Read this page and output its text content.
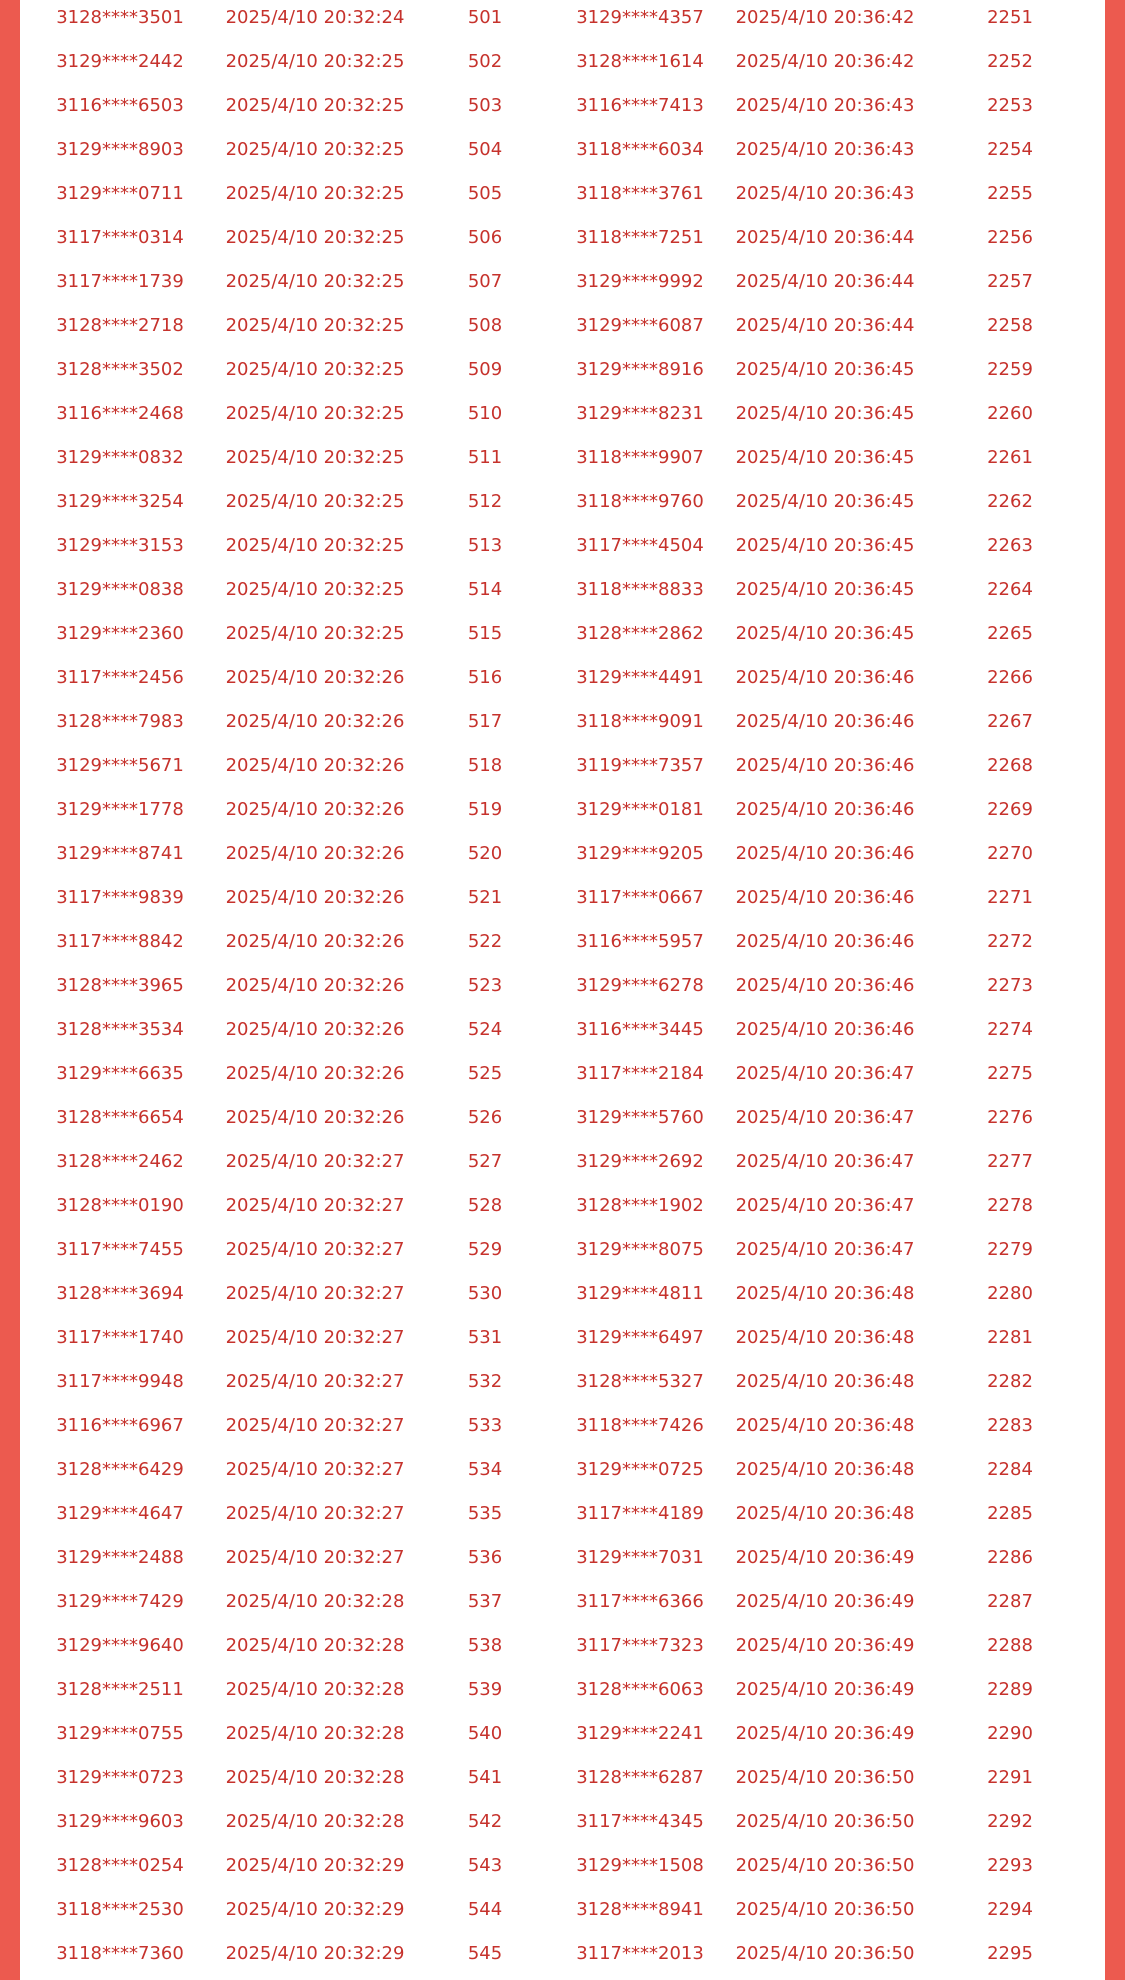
3128****3501	2025/4/10 20:32:24	501	3129****4357	2025/4/10 20:36:42	2251
3129****2442	2025/4/10 20:32:25	502	3128****1614	2025/4/10 20:36:42	2252
3116****6503	2025/4/10 20:32:25	503	3116****7413	2025/4/10 20:36:43	2253
3129****8903	2025/4/10 20:32:25	504	3118****6034	2025/4/10 20:36:43	2254
3129****0711	2025/4/10 20:32:25	505	3118****3761	2025/4/10 20:36:43	2255
3117****0314	2025/4/10 20:32:25	506	3118****7251	2025/4/10 20:36:44	2256
3117****1739	2025/4/10 20:32:25	507	3129****9992	2025/4/10 20:36:44	2257
3128****2718	2025/4/10 20:32:25	508	3129****6087	2025/4/10 20:36:44	2258
3128****3502	2025/4/10 20:32:25	509	3129****8916	2025/4/10 20:36:45	2259
3116****2468	2025/4/10 20:32:25	510	3129****8231	2025/4/10 20:36:45	2260
3129****0832	2025/4/10 20:32:25	511	3118****9907	2025/4/10 20:36:45	2261
3129****3254	2025/4/10 20:32:25	512	3118****9760	2025/4/10 20:36:45	2262
3129****3153	2025/4/10 20:32:25	513	3117****4504	2025/4/10 20:36:45	2263
3129****0838	2025/4/10 20:32:25	514	3118****8833	2025/4/10 20:36:45	2264
3129****2360	2025/4/10 20:32:25	515	3128****2862	2025/4/10 20:36:45	2265
3117****2456	2025/4/10 20:32:26	516	3129****4491	2025/4/10 20:36:46	2266
3128****7983	2025/4/10 20:32:26	517	3118****9091	2025/4/10 20:36:46	2267
3129****5671	2025/4/10 20:32:26	518	3119****7357	2025/4/10 20:36:46	2268
3129****1778	2025/4/10 20:32:26	519	3129****0181	2025/4/10 20:36:46	2269
3129****8741	2025/4/10 20:32:26	520	3129****9205	2025/4/10 20:36:46	2270
3117****9839	2025/4/10 20:32:26	521	3117****0667	2025/4/10 20:36:46	2271
3117****8842	2025/4/10 20:32:26	522	3116****5957	2025/4/10 20:36:46	2272
3128****3965	2025/4/10 20:32:26	523	3129****6278	2025/4/10 20:36:46	2273
3128****3534	2025/4/10 20:32:26	524	3116****3445	2025/4/10 20:36:46	2274
3129****6635	2025/4/10 20:32:26	525	3117****2184	2025/4/10 20:36:47	2275
3128****6654	2025/4/10 20:32:26	526	3129****5760	2025/4/10 20:36:47	2276
3128****2462	2025/4/10 20:32:27	527	3129****2692	2025/4/10 20:36:47	2277
3128****0190	2025/4/10 20:32:27	528	3128****1902	2025/4/10 20:36:47	2278
3117****7455	2025/4/10 20:32:27	529	3129****8075	2025/4/10 20:36:47	2279
3128****3694	2025/4/10 20:32:27	530	3129****4811	2025/4/10 20:36:48	2280
3117****1740	2025/4/10 20:32:27	531	3129****6497	2025/4/10 20:36:48	2281
3117****9948	2025/4/10 20:32:27	532	3128****5327	2025/4/10 20:36:48	2282
3116****6967	2025/4/10 20:32:27	533	3118****7426	2025/4/10 20:36:48	2283
3128****6429	2025/4/10 20:32:27	534	3129****0725	2025/4/10 20:36:48	2284
3129****4647	2025/4/10 20:32:27	535	3117****4189	2025/4/10 20:36:48	2285
3129****2488	2025/4/10 20:32:27	536	3129****7031	2025/4/10 20:36:49	2286
3129****7429	2025/4/10 20:32:28	537	3117****6366	2025/4/10 20:36:49	2287
3129****9640	2025/4/10 20:32:28	538	3117****7323	2025/4/10 20:36:49	2288
3128****2511	2025/4/10 20:32:28	539	3128****6063	2025/4/10 20:36:49	2289
3129****0755	2025/4/10 20:32:28	540	3129****2241	2025/4/10 20:36:49	2290
3129****0723	2025/4/10 20:32:28	541	3128****6287	2025/4/10 20:36:50	2291
3129****9603	2025/4/10 20:32:28	542	3117****4345	2025/4/10 20:36:50	2292
3128****0254	2025/4/10 20:32:29	543	3129****1508	2025/4/10 20:36:50	2293
3118****2530	2025/4/10 20:32:29	544	3128****8941	2025/4/10 20:36:50	2294
3118****7360	2025/4/10 20:32:29	545	3117****2013	2025/4/10 20:36:50	2295
